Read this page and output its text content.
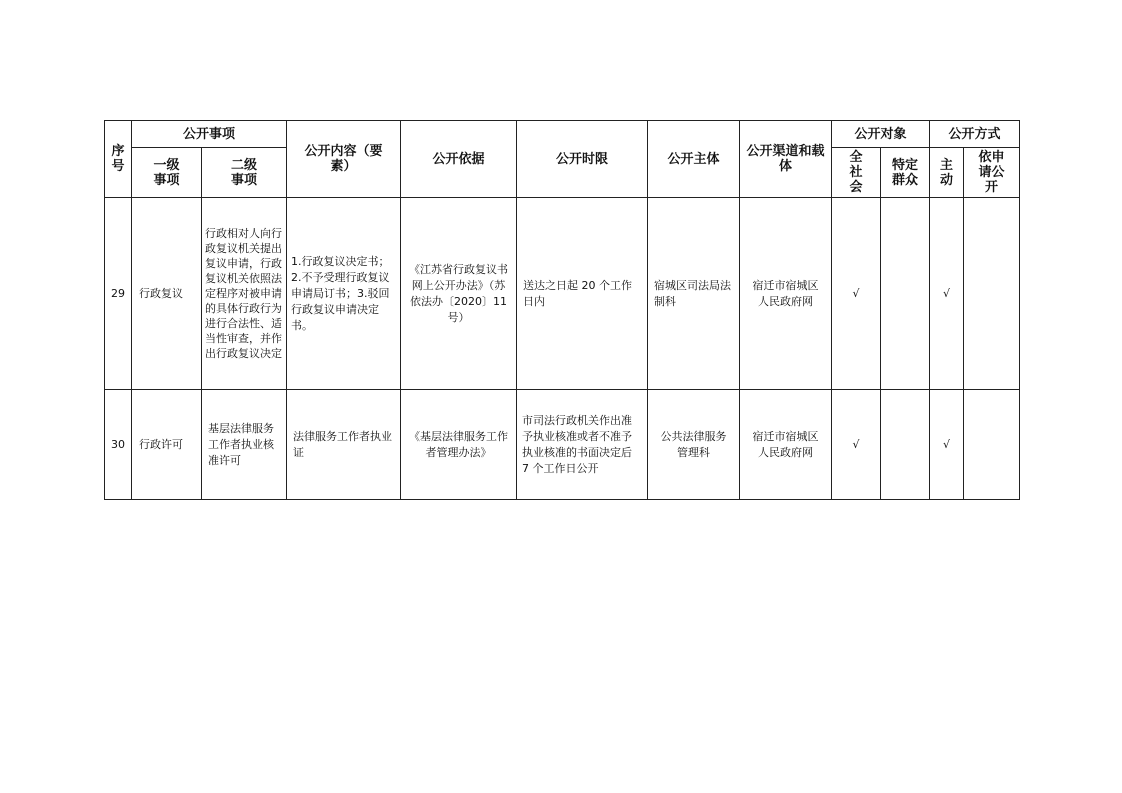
序号	公开事项		公开内容（要素）	公开依据	公开时限	公开主体	公开渠道和载体	公开对象		公开方式	
	一级事项	二级事项						全社会	特定群众	主动	依申请公开
29	行政复议	行政相对人向行政复议机关提出复议申请，行政复议机关依照法定程序对被申请的具体行政行为进行合法性、适当性审查，并作出行政复议决定	1.行政复议决定书；2.不予受理行政复议申请局订书；3.驳回行政复议申请决定书。	《江苏省行政复议书网上公开办法》（苏依法办〔2020〕11号）	送达之日起 20 个工作日内	宿城区司法局法制科	宿迁市宿城区人民政府网	√		√	
30	行政许可	基层法律服务工作者执业核准许可	法律服务工作者执业证	《基层法律服务工作者管理办法》	市司法行政机关作出准予执业核准或者不准予执业核准的书面决定后 7 个工作日公开	公共法律服务管理科	宿迁市宿城区人民政府网	√		√	
